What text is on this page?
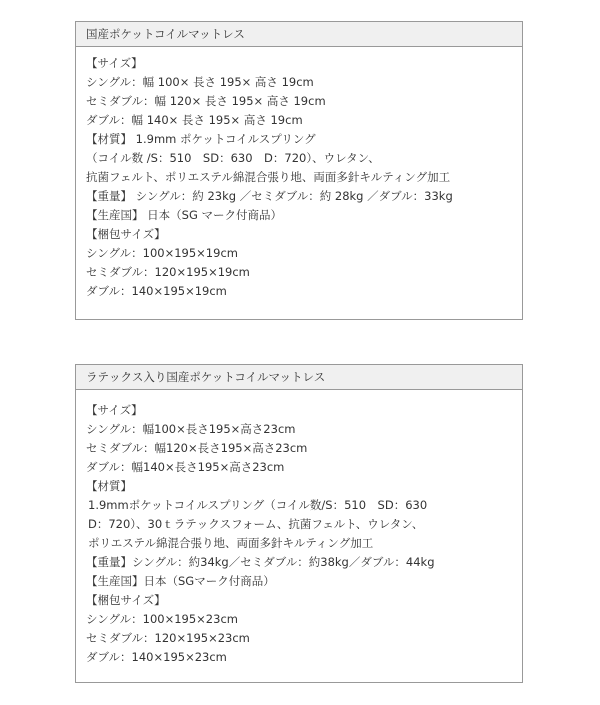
国産ポケットコイルマットレス
【サイズ】
シングル：幅 100× 長さ 195× 高さ 19cm
セミダブル：幅 120× 長さ 195× 高さ 19cm
ダブル：幅 140× 長さ 195× 高さ 19cm
【材質】 1.9mm ポケットコイルスプリング
（コイル数 /S：510　SD：630　D：720）、ウレタン、
抗菌フェルト、ポリエステル綿混合張り地、両面多針キルティング加工
【重量】 シングル：約 23kg ／セミダブル：約 28kg ／ダブル：33kg
【生産国】 日本（SG マーク付商品）
【梱包サイズ】
シングル：100×195×19cm
セミダブル：120×195×19cm
ダブル：140×195×19cm
ラテックス入り国産ポケットコイルマットレス
【サイズ】
シングル：幅100×長さ195×高さ23cm
セミダブル：幅120×長さ195×高さ23cm
ダブル：幅140×長さ195×高さ23cm
【材質】
1.9mmポケットコイルスプリング（コイル数/S：510　SD：630
D：720）、30ｔラテックスフォーム、抗菌フェルト、ウレタン、
ポリエステル綿混合張り地、両面多針キルティング加工
【重量】シングル：約34kg／セミダブル：約38kg／ダブル：44kg
【生産国】日本（SGマーク付商品）
【梱包サイズ】
シングル：100×195×23cm
セミダブル：120×195×23cm
ダブル：140×195×23cm
